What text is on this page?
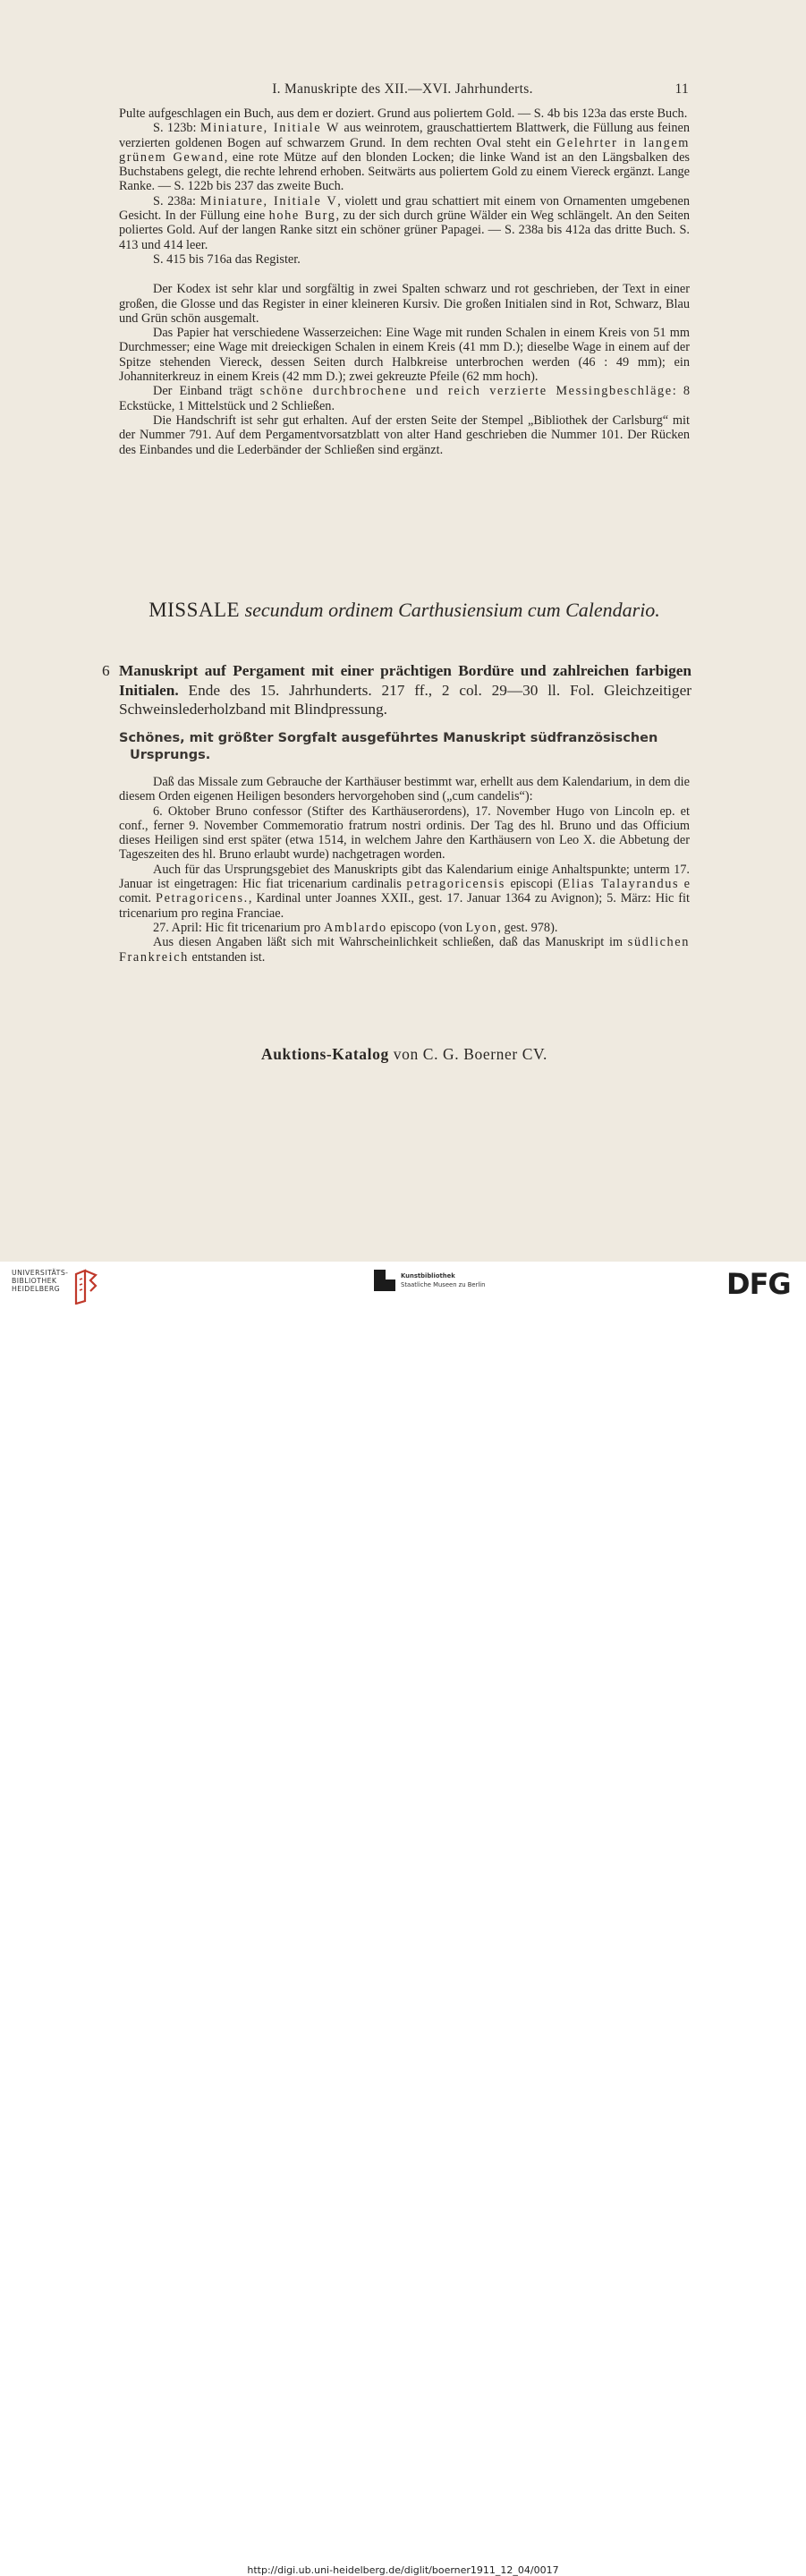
I. Manuskripte des XII.—XVI. Jahrhunderts.	11

Pulte aufgeschlagen ein Buch, aus dem er doziert. Grund aus poliertem Gold. — S. 4b bis 123a das erste Buch.

S. 123b: Miniature, Initiale W aus weinrotem, grauschattiertem Blattwerk, die Füllung aus feinen verzierten goldenen Bogen auf schwarzem Grund. In dem rechten Oval steht ein Gelehrter in langem grünem Gewand, eine rote Mütze auf den blonden Locken; die linke Wand ist an den Längsbalken des Buchstabens gelegt, die rechte lehrend erhoben. Seitwärts aus poliertem Gold zu einem Viereck ergänzt. Lange Ranke. — S. 122b bis 237 das zweite Buch.

S. 238a: Miniature, Initiale V, violett und grau schattiert mit einem von Ornamenten umgebenen Gesicht. In der Füllung eine hohe Burg, zu der sich durch grüne Wälder ein Weg schlängelt. An den Seiten poliertes Gold. Auf der langen Ranke sitzt ein schöner grüner Papagei. — S. 238a bis 412a das dritte Buch. S. 413 und 414 leer.

S. 415 bis 716a das Register.

Der Kodex ist sehr klar und sorgfältig in zwei Spalten schwarz und rot geschrieben, der Text in einer großen, die Glosse und das Register in einer kleineren Kursiv. Die großen Initialen sind in Rot, Schwarz, Blau und Grün schön ausgemalt.

Das Papier hat verschiedene Wasserzeichen: Eine Wage mit runden Schalen in einem Kreis von 51 mm Durchmesser; eine Wage mit dreieckigen Schalen in einem Kreis (41 mm D.); dieselbe Wage in einem auf der Spitze stehenden Viereck, dessen Seiten durch Halbkreise unterbrochen werden (46 : 49 mm); ein Johanniterkreuz in einem Kreis (42 mm D.); zwei gekreuzte Pfeile (62 mm hoch).

Der Einband trägt schöne durchbrochene und reich verzierte Messingbeschläge: 8 Eckstücke, 1 Mittelstück und 2 Schließen.

Die Handschrift ist sehr gut erhalten. Auf der ersten Seite der Stempel „Bibliothek der Carlsburg“ mit der Nummer 791. Auf dem Pergamentvorsatzblatt von alter Hand geschrieben die Nummer 101. Der Rücken des Einbandes und die Lederbänder der Schließen sind ergänzt.

MISSALE secundum ordinem Carthusiensium cum Calendario.
6 Manuskript auf Pergament mit einer prächtigen Bordüre und zahlreichen farbigen Initialen. Ende des 15. Jahrhunderts. 217 ff., 2 col. 29—30 ll. Fol. Gleichzeitiger Schweinslederholzband mit Blindpressung.
Schönes, mit größter Sorgfalt ausgeführtes Manuskript südfranzösischen Ursprungs.

Daß das Missale zum Gebrauche der Karthäuser bestimmt war, erhellt aus dem Kalendarium, in dem die diesem Orden eigenen Heiligen besonders hervorgehoben sind („cum candelis“):

6. Oktober Bruno confessor (Stifter des Karthäuserordens), 17. November Hugo von Lincoln ep. et conf., ferner 9. November Commemoratio fratrum nostri ordinis. Der Tag des hl. Bruno und das Officium dieses Heiligen sind erst später (etwa 1514, in welchem Jahre den Karthäusern von Leo X. die Abbetung der Tageszeiten des hl. Bruno erlaubt wurde) nachgetragen worden.

Auch für das Ursprungsgebiet des Manuskripts gibt das Kalendarium einige Anhaltspunkte; unterm 17. Januar ist eingetragen: Hic fiat tricenarium cardinalis petragoricensis episcopi (Elias Talayrandus e comit. Petragoricens., Kardinal unter Joannes XXII., gest. 17. Januar 1364 zu Avignon); 5. März: Hic fit tricenarium pro regina Franciae.

27. April: Hic fit tricenarium pro Amblardo episcopo (von Lyon, gest. 978).

Aus diesen Angaben läßt sich mit Wahrscheinlichkeit schließen, daß das Manuskript im südlichen Frankreich entstanden ist.

Auktions-Katalog von C. G. Boerner CV.
UNIVERSITÄTS-
BIBLIOTHEK
HEIDELBERG
Kunstbibliothek
Staatliche Museen zu Berlin	DFG
http://digi.ub.uni-heidelberg.de/diglit/boerner1911_12_04/0017
